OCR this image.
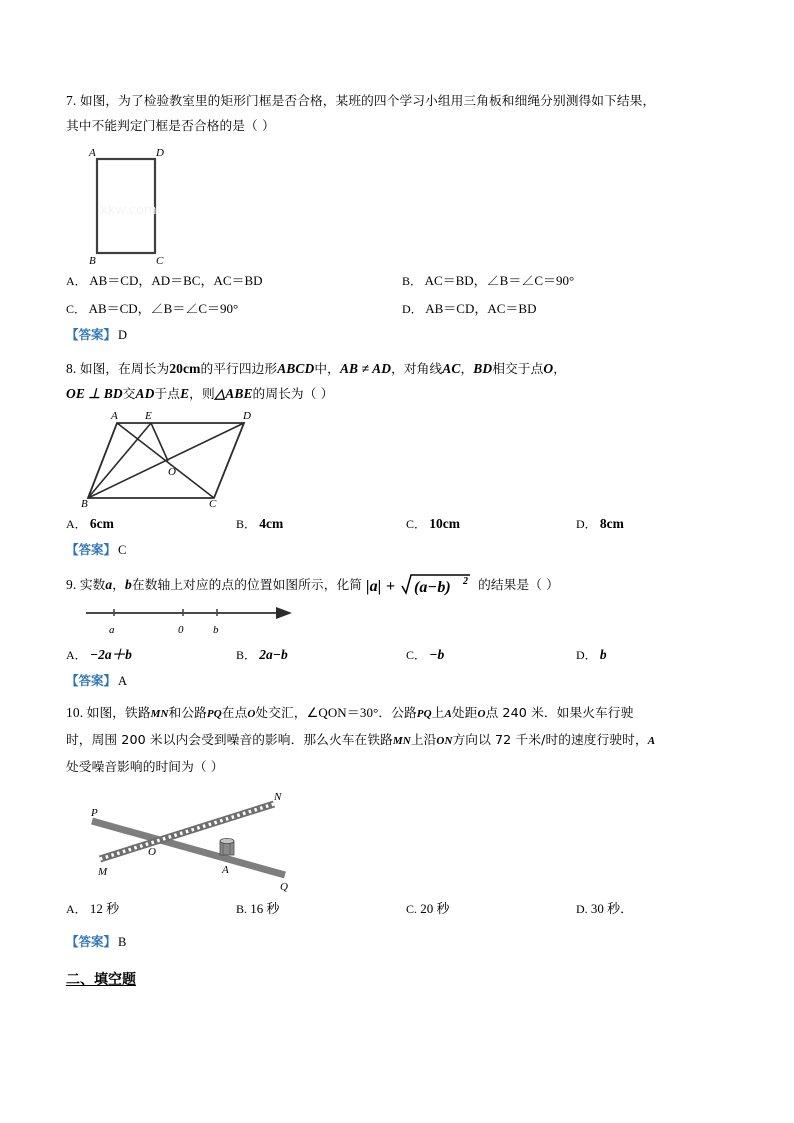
7. 如图，为了检验教室里的矩形门框是否合格，某班的四个学习小组用三角板和细绳分别测得如下结果，
其中不能判定门框是否合格的是（ ）
A	D
B	C
xkw.com
A． AB＝CD，AD＝BC，AC＝BD	B． AC＝BD，∠B＝∠C＝90°
C． AB＝CD，∠B＝∠C＝90°	D． AB＝CD，AC＝BD
【答案】 D
8. 如图，在周长为20cm的平行四边形ABCD中，AB ≠ AD，对角线AC，BD相交于点O，
OE ⊥ BD交AD于点E，则△ABE的周长为（ ）
A E	D
O
B	C
A． 6cm	B． 4cm	C． 10cm	D． 8cm
【答案】 C
9. 实数a，b在数轴上对应的点的位置如图所示，化简 |a| + (a−b) 2 的结果是（ ）
a	0	b
A． −2a＋b	B． 2a−b	C． −b	D． b
【答案】 A
10. 如图，铁路MN和公路PQ在点O处交汇，∠QON＝30°．公路PQ上A处距O点 240 米．如果火车行驶
时，周围 200 米以内会受到噪音的影响．那么火车在铁路MN上沿ON方向以 72 千米/时的速度行驶时，A
处受噪音影响的时间为（ ）
O
A
P
N
M
Q
A． 12 秒	B. 16 秒	C. 20 秒	D. 30 秒．
【答案】 B
二、填空题
